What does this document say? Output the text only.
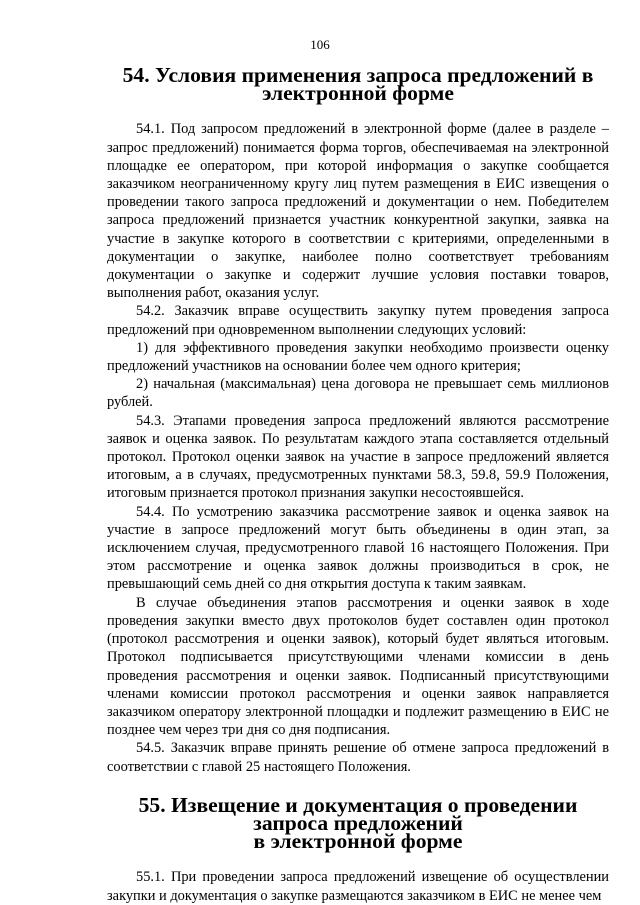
106
54. Условия применения запроса предложений в электронной форме

54.1. Под запросом предложений в электронной форме (далее в разделе – запрос предложений) понимается форма торгов, обеспечиваемая на электронной площадке ее оператором, при которой информация о закупке сообщается заказчиком неограниченному кругу лиц путем размещения в ЕИС извещения о проведении такого запроса предложений и документации о нем. Победителем запроса предложений признается участник конкурентной закупки, заявка на участие в закупке которого в соответствии с критериями, определенными в документации о закупке, наиболее полно соответствует требованиям документации о закупке и содержит лучшие условия поставки товаров, выполнения работ, оказания услуг.

54.2. Заказчик вправе осуществить закупку путем проведения запроса предложений при одновременном выполнении следующих условий:

1) для эффективного проведения закупки необходимо произвести оценку предложений участников на основании более чем одного критерия;

2) начальная (максимальная) цена договора не превышает семь миллионов рублей.

54.3. Этапами проведения запроса предложений являются рассмотрение заявок и оценка заявок. По результатам каждого этапа составляется отдельный протокол. Протокол оценки заявок на участие в запросе предложений является итоговым, а в случаях, предусмотренных пунктами 58.3, 59.8, 59.9 Положения, итоговым признается протокол признания закупки несостоявшейся.

54.4. По усмотрению заказчика рассмотрение заявок и оценка заявок на участие в запросе предложений могут быть объединены в один этап, за исключением случая, предусмотренного главой 16 настоящего Положения. При этом рассмотрение и оценка заявок должны производиться в срок, не превышающий семь дней со дня открытия доступа к таким заявкам.

В случае объединения этапов рассмотрения и оценки заявок в ходе проведения закупки вместо двух протоколов будет составлен один протокол (протокол рассмотрения и оценки заявок), который будет являться итоговым. Протокол подписывается присутствующими членами комиссии в день проведения рассмотрения и оценки заявок. Подписанный присутствующими членами комиссии протокол рассмотрения и оценки заявок направляется заказчиком оператору электронной площадки и подлежит размещению в ЕИС не позднее чем через три дня со дня подписания.

54.5. Заказчик вправе принять решение об отмене запроса предложений в соответствии с главой 25 настоящего Положения.

55. Извещение и документация о проведении запроса предложений
в электронной форме

55.1. При проведении запроса предложений извещение об осуществлении закупки и документация о закупке размещаются заказчиком в ЕИС не менее чем
